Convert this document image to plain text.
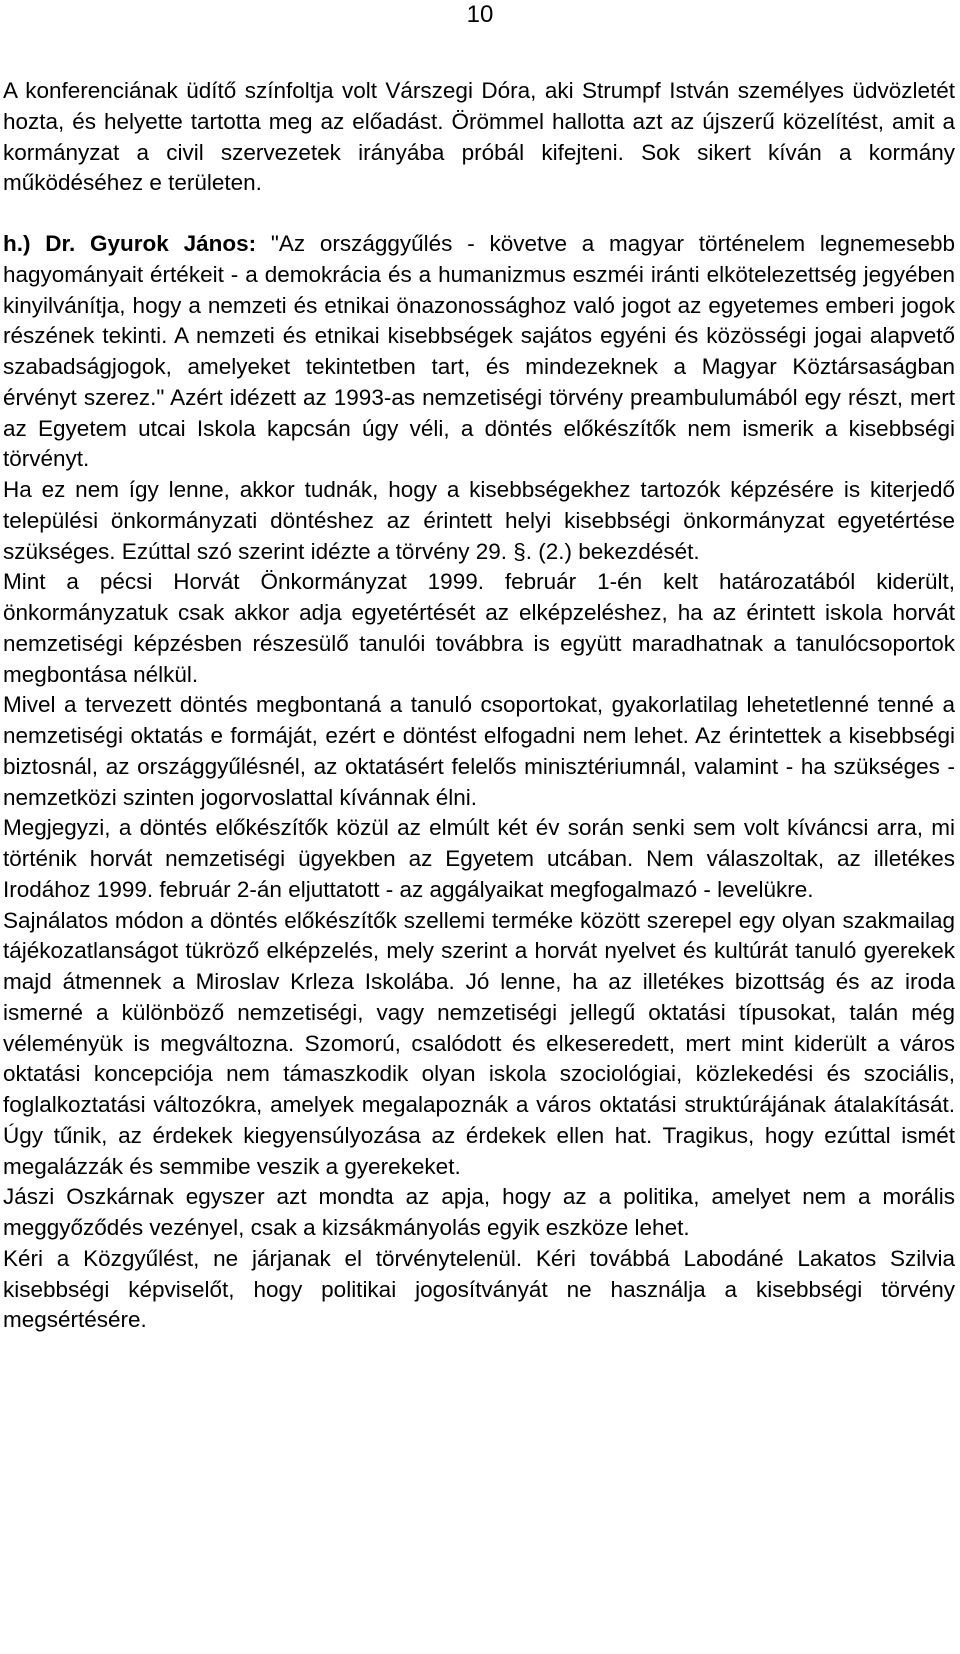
10

A konferenciának üdítő színfoltja volt Várszegi Dóra, aki Strumpf István személyes üdvözletét hozta, és helyette tartotta meg az előadást. Örömmel hallotta azt az újszerű közelítést, amit a kormányzat a civil szervezetek irányába próbál kifejteni. Sok sikert kíván a kormány működéséhez e területen.

h.) Dr. Gyurok János: "Az országgyűlés - követve a magyar történelem legnemesebb hagyományait értékeit - a demokrácia és a humanizmus eszméi iránti elkötelezettség jegyében kinyilvánítja, hogy a nemzeti és etnikai önazonossághoz való jogot az egyetemes emberi jogok részének tekinti. A nemzeti és etnikai kisebbségek sajátos egyéni és közösségi jogai alapvető szabadságjogok, amelyeket tekintetben tart, és mindezeknek a Magyar Köztársaságban érvényt szerez." Azért idézett az 1993-as nemzetiségi törvény preambulumából egy részt, mert az Egyetem utcai Iskola kapcsán úgy véli, a döntés előkészítők nem ismerik a kisebbségi törvényt.

Ha ez nem így lenne, akkor tudnák, hogy a kisebbségekhez tartozók képzésére is kiterjedő települési önkormányzati döntéshez az érintett helyi kisebbségi önkormányzat egyetértése szükséges. Ezúttal szó szerint idézte a törvény 29. §. (2.) bekezdését.

Mint a pécsi Horvát Önkormányzat 1999. február 1-én kelt határozatából kiderült, önkormányzatuk csak akkor adja egyetértését az elképzeléshez, ha az érintett iskola horvát nemzetiségi képzésben részesülő tanulói továbbra is együtt maradhatnak a tanulócsoportok megbontása nélkül.

Mivel a tervezett döntés megbontaná a tanuló csoportokat, gyakorlatilag lehetetlenné tenné a nemzetiségi oktatás e formáját, ezért e döntést elfogadni nem lehet. Az érintettek a kisebbségi biztosnál, az országgyűlésnél, az oktatásért felelős minisztériumnál, valamint - ha szükséges - nemzetközi szinten jogorvoslattal kívánnak élni.

Megjegyzi, a döntés előkészítők közül az elmúlt két év során senki sem volt kíváncsi arra, mi történik horvát nemzetiségi ügyekben az Egyetem utcában. Nem válaszoltak, az illetékes Irodához 1999. február 2-án eljuttatott - az aggályaikat megfogalmazó - levelükre.

Sajnálatos módon a döntés előkészítők szellemi terméke között szerepel egy olyan szakmailag tájékozatlanságot tükröző elképzelés, mely szerint a horvát nyelvet és kultúrát tanuló gyerekek majd átmennek a Miroslav Krleza Iskolába. Jó lenne, ha az illetékes bizottság és az iroda ismerné a különböző nemzetiségi, vagy nemzetiségi jellegű oktatási típusokat, talán még véleményük is megváltozna. Szomorú, csalódott és elkeseredett, mert mint kiderült a város oktatási koncepciója nem támaszkodik olyan iskola szociológiai, közlekedési és szociális, foglalkoztatási változókra, amelyek megalapoznák a város oktatási struktúrájának átalakítását. Úgy tűnik, az érdekek kiegyensúlyozása az érdekek ellen hat. Tragikus, hogy ezúttal ismét megalázzák és semmibe veszik a gyerekeket.

Jászi Oszkárnak egyszer azt mondta az apja, hogy az a politika, amelyet nem a morális meggyőződés vezényel, csak a kizsákmányolás egyik eszköze lehet.

Kéri a Közgyűlést, ne járjanak el törvénytelenül. Kéri továbbá Labodáné Lakatos Szilvia kisebbségi képviselőt, hogy politikai jogosítványát ne használja a kisebbségi törvény megsértésére.
